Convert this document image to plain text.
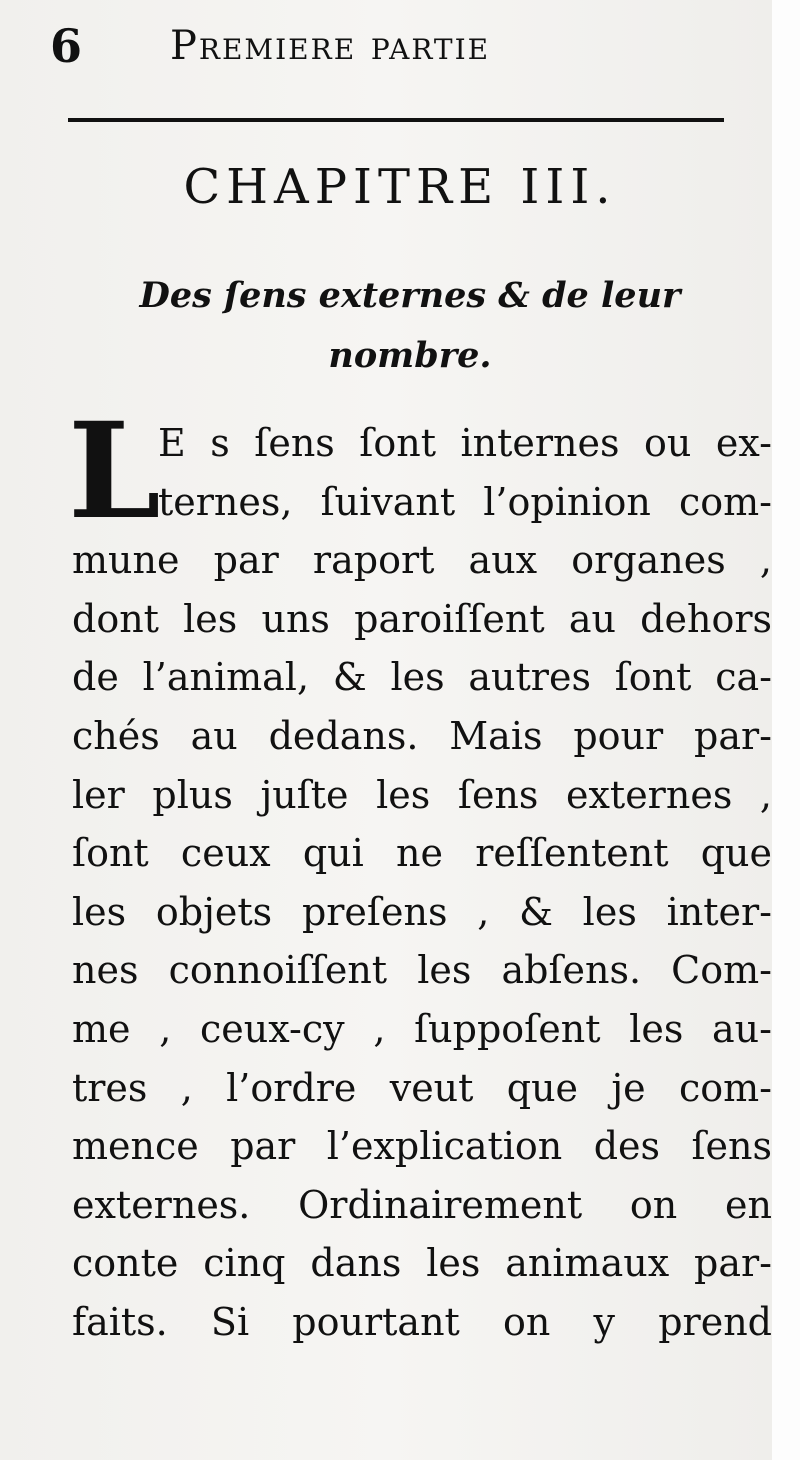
6 Premiere partie
CHAPITRE III.
Des ſens externes & de leur
nombre.
L
E s ſens ſont internes ou ex-
ternes, ſuivant l’opinion com-
mune par raport aux organes ,
dont les uns paroiſſent au dehors
de l’animal, & les autres ſont ca-
chés au dedans. Mais pour par-
ler plus juſte les ſens externes ,
ſont ceux qui ne reſſentent que
les objets preſens , & les inter-
nes connoiſſent les abſens. Com-
me , ceux-cy , ſuppoſent les au-
tres , l’ordre veut que je com-
mence par l’explication des ſens
externes. Ordinairement on en
conte cinq dans les animaux par-
faits. Si pourtant on y prend
